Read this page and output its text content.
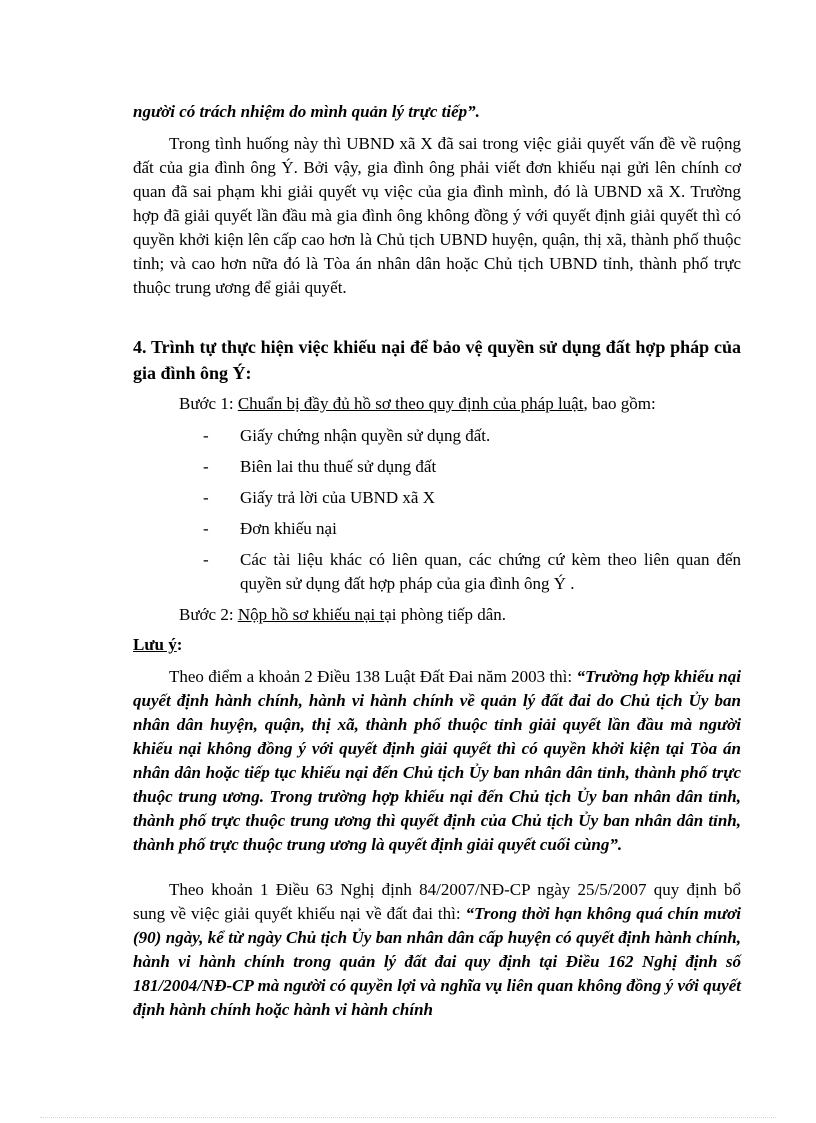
người có trách nhiệm do mình quản lý trực tiếp”.

Trong tình huống này thì UBND xã X đã sai trong việc giải quyết vấn đề về ruộng đất của gia đình ông Ý. Bởi vậy, gia đình ông phải viết đơn khiếu nại gửi lên chính cơ quan đã sai phạm khi giải quyết vụ việc của gia đình mình, đó là UBND xã X. Trường hợp đã giải quyết lần đầu mà gia đình ông không đồng ý với quyết định giải quyết thì có quyền khởi kiện lên cấp cao hơn là Chủ tịch UBND huyện, quận, thị xã, thành phố thuộc tỉnh; và cao hơn nữa đó là Tòa án nhân dân hoặc Chủ tịch UBND tỉnh, thành phố trực thuộc trung ương để giải quyết.

4. Trình tự thực hiện việc khiếu nại để bảo vệ quyền sử dụng đất hợp pháp của gia đình ông Ý:

Bước 1: Chuẩn bị đầy đủ hồ sơ theo quy định của pháp luật, bao gồm:

-	Giấy chứng nhận quyền sử dụng đất.
-	Biên lai thu thuế sử dụng đất
-	Giấy trả lời của UBND xã X
-	Đơn khiếu nại
-	Các tài liệu khác có liên quan, các chứng cứ kèm theo liên quan đến quyền sử dụng đất hợp pháp của gia đình ông Ý .

Bước 2: Nộp hồ sơ khiếu nại tại phòng tiếp dân.

Lưu ý:

Theo điểm a khoản 2 Điều 138 Luật Đất Đai năm 2003 thì: “Trường hợp khiếu nại quyết định hành chính, hành vi hành chính về quản lý đất đai do Chủ tịch Ủy ban nhân dân huyện, quận, thị xã, thành phố thuộc tỉnh giải quyết lần đầu mà người khiếu nại không đồng ý với quyết định giải quyết thì có quyền khởi kiện tại Tòa án nhân dân hoặc tiếp tục khiếu nại đến Chủ tịch Ủy ban nhân dân tỉnh, thành phố trực thuộc trung ương. Trong trường hợp khiếu nại đến Chủ tịch Ủy ban nhân dân tỉnh, thành phố trực thuộc trung ương thì quyết định của Chủ tịch Ủy ban nhân dân tỉnh, thành phố trực thuộc trung ương là quyết định giải quyết cuối cùng”.

Theo khoản 1 Điều 63 Nghị định 84/2007/NĐ-CP ngày 25/5/2007 quy định bổ sung về việc giải quyết khiếu nại về đất đai thì: “Trong thời hạn không quá chín mươi (90) ngày, kể từ ngày Chủ tịch Ủy ban nhân dân cấp huyện có quyết định hành chính, hành vi hành chính trong quản lý đất đai quy định tại Điều 162 Nghị định số 181/2004/NĐ-CP mà người có quyền lợi và nghĩa vụ liên quan không đồng ý với quyết định hành chính hoặc hành vi hành chính
